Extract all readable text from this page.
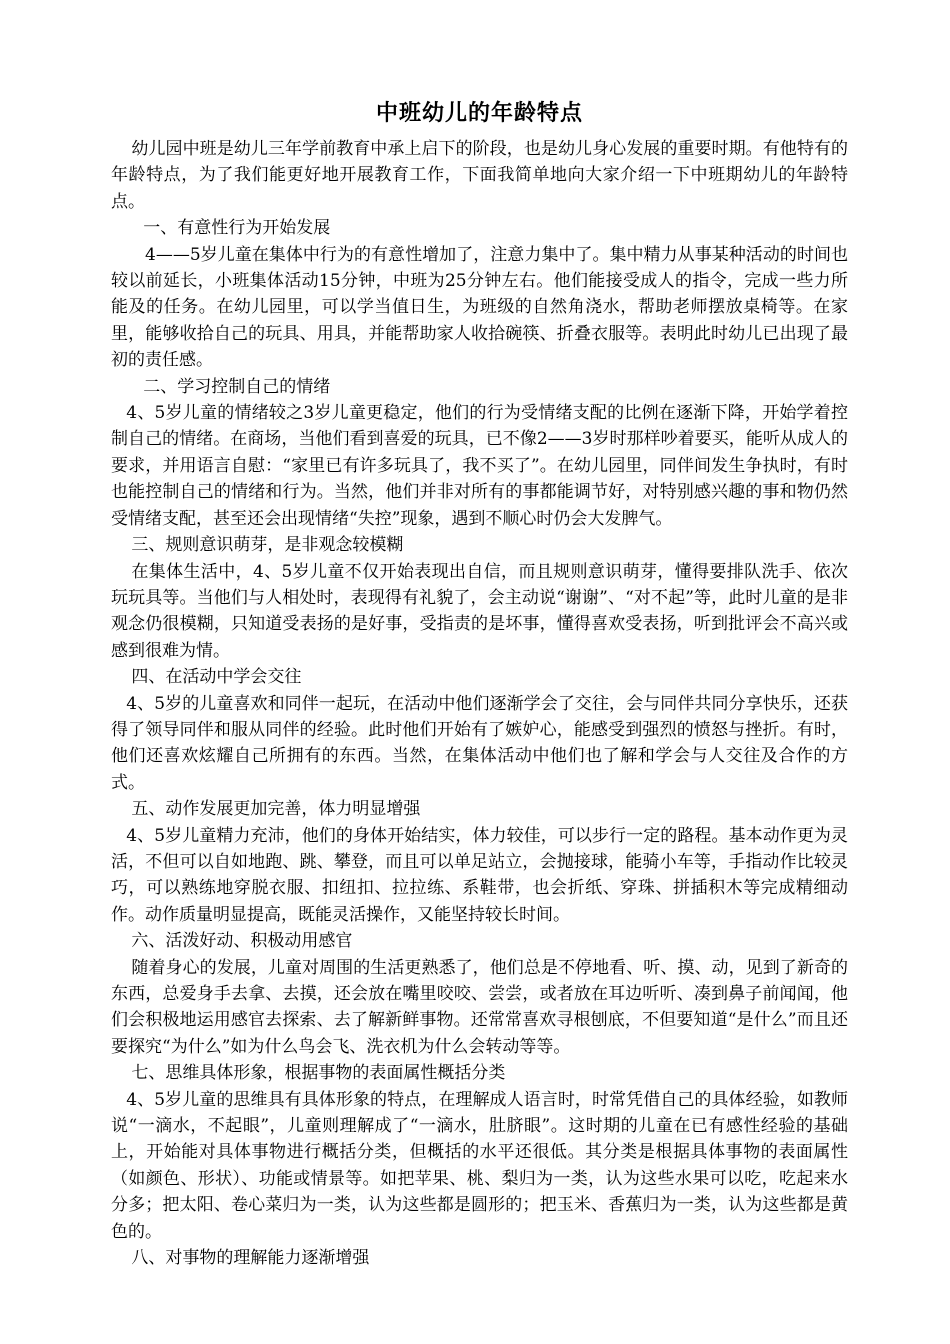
中班幼儿的年龄特点

幼儿园中班是幼儿三年学前教育中承上启下的阶段，也是幼儿身心发展的重要时期。有他特有的年龄特点，为了我们能更好地开展教育工作，下面我简单地向大家介绍一下中班期幼儿的年龄特点。

一、有意性行为开始发展

4——5岁儿童在集体中行为的有意性增加了，注意力集中了。集中精力从事某种活动的时间也较以前延长，小班集体活动15分钟，中班为25分钟左右。他们能接受成人的指令，完成一些力所能及的任务。在幼儿园里，可以学当值日生，为班级的自然角浇水，帮助老师摆放桌椅等。在家里，能够收拾自己的玩具、用具，并能帮助家人收拾碗筷、折叠衣服等。表明此时幼儿已出现了最初的责任感。

二、学习控制自己的情绪

4、5岁儿童的情绪较之3岁儿童更稳定，他们的行为受情绪支配的比例在逐渐下降，开始学着控制自己的情绪。在商场，当他们看到喜爱的玩具，已不像2——3岁时那样吵着要买，能听从成人的要求，并用语言自慰：“家里已有许多玩具了，我不买了”。在幼儿园里，同伴间发生争执时，有时也能控制自己的情绪和行为。当然，他们并非对所有的事都能调节好，对特别感兴趣的事和物仍然受情绪支配，甚至还会出现情绪“失控”现象，遇到不顺心时仍会大发脾气。

三、规则意识萌芽，是非观念较模糊

在集体生活中，4、5岁儿童不仅开始表现出自信，而且规则意识萌芽，懂得要排队洗手、依次玩玩具等。当他们与人相处时，表现得有礼貌了，会主动说“谢谢”、“对不起”等，此时儿童的是非观念仍很模糊，只知道受表扬的是好事，受指责的是坏事，懂得喜欢受表扬，听到批评会不高兴或感到很难为情。

四、在活动中学会交往

4、5岁的儿童喜欢和同伴一起玩，在活动中他们逐渐学会了交往，会与同伴共同分享快乐，还获得了领导同伴和服从同伴的经验。此时他们开始有了嫉妒心，能感受到强烈的愤怒与挫折。有时，他们还喜欢炫耀自己所拥有的东西。当然，在集体活动中他们也了解和学会与人交往及合作的方式。

五、动作发展更加完善，体力明显增强

4、5岁儿童精力充沛，他们的身体开始结实，体力较佳，可以步行一定的路程。基本动作更为灵活，不但可以自如地跑、跳、攀登，而且可以单足站立，会抛接球，能骑小车等，手指动作比较灵巧，可以熟练地穿脱衣服、扣纽扣、拉拉练、系鞋带，也会折纸、穿珠、拼插积木等完成精细动作。动作质量明显提高，既能灵活操作，又能坚持较长时间。

六、活泼好动、积极动用感官

随着身心的发展，儿童对周围的生活更熟悉了，他们总是不停地看、听、摸、动，见到了新奇的东西，总爱身手去拿、去摸，还会放在嘴里咬咬、尝尝，或者放在耳边听听、凑到鼻子前闻闻，他们会积极地运用感官去探索、去了解新鲜事物。还常常喜欢寻根刨底，不但要知道“是什么”而且还要探究“为什么”如为什么鸟会飞、洗衣机为什么会转动等等。

七、思维具体形象，根据事物的表面属性概括分类

4、5岁儿童的思维具有具体形象的特点，在理解成人语言时，时常凭借自己的具体经验，如教师说“一滴水，不起眼”，儿童则理解成了“一滴水，肚脐眼”。这时期的儿童在已有感性经验的基础上，开始能对具体事物进行概括分类，但概括的水平还很低。其分类是根据具体事物的表面属性（如颜色、形状）、功能或情景等。如把苹果、桃、梨归为一类，认为这些水果可以吃，吃起来水分多；把太阳、卷心菜归为一类，认为这些都是圆形的；把玉米、香蕉归为一类，认为这些都是黄色的。

八、对事物的理解能力逐渐增强
